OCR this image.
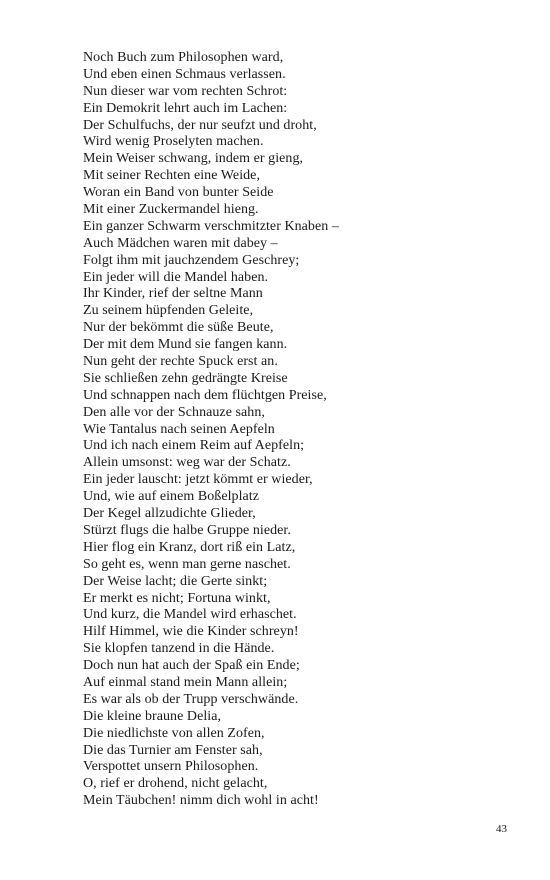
Noch Buch zum Philosophen ward,
Und eben einen Schmaus verlassen.
Nun dieser war vom rechten Schrot:
Ein Demokrit lehrt auch im Lachen:
Der Schulfuchs, der nur seufzt und droht,
Wird wenig Proselyten machen.
Mein Weiser schwang, indem er gieng,
Mit seiner Rechten eine Weide,
Woran ein Band von bunter Seide
Mit einer Zuckermandel hieng.
Ein ganzer Schwarm verschmitzter Knaben –
Auch Mädchen waren mit dabey –
Folgt ihm mit jauchzendem Geschrey;
Ein jeder will die Mandel haben.
Ihr Kinder, rief der seltne Mann
Zu seinem hüpfenden Geleite,
Nur der bekömmt die süße Beute,
Der mit dem Mund sie fangen kann.
Nun geht der rechte Spuck erst an.
Sie schließen zehn gedrängte Kreise
Und schnappen nach dem flüchtgen Preise,
Den alle vor der Schnauze sahn,
Wie Tantalus nach seinen Aepfeln
Und ich nach einem Reim auf Aepfeln;
Allein umsonst: weg war der Schatz.
Ein jeder lauscht: jetzt kömmt er wieder,
Und, wie auf einem Boßelplatz
Der Kegel allzudichte Glieder,
Stürzt flugs die halbe Gruppe nieder.
Hier flog ein Kranz, dort riß ein Latz,
So geht es, wenn man gerne naschet.
Der Weise lacht; die Gerte sinkt;
Er merkt es nicht; Fortuna winkt,
Und kurz, die Mandel wird erhaschet.
Hilf Himmel, wie die Kinder schreyn!
Sie klopfen tanzend in die Hände.
Doch nun hat auch der Spaß ein Ende;
Auf einmal stand mein Mann allein;
Es war als ob der Trupp verschwände.
Die kleine braune Delia,
Die niedlichste von allen Zofen,
Die das Turnier am Fenster sah,
Verspottet unsern Philosophen.
O, rief er drohend, nicht gelacht,
Mein Täubchen! nimm dich wohl in acht!
43
